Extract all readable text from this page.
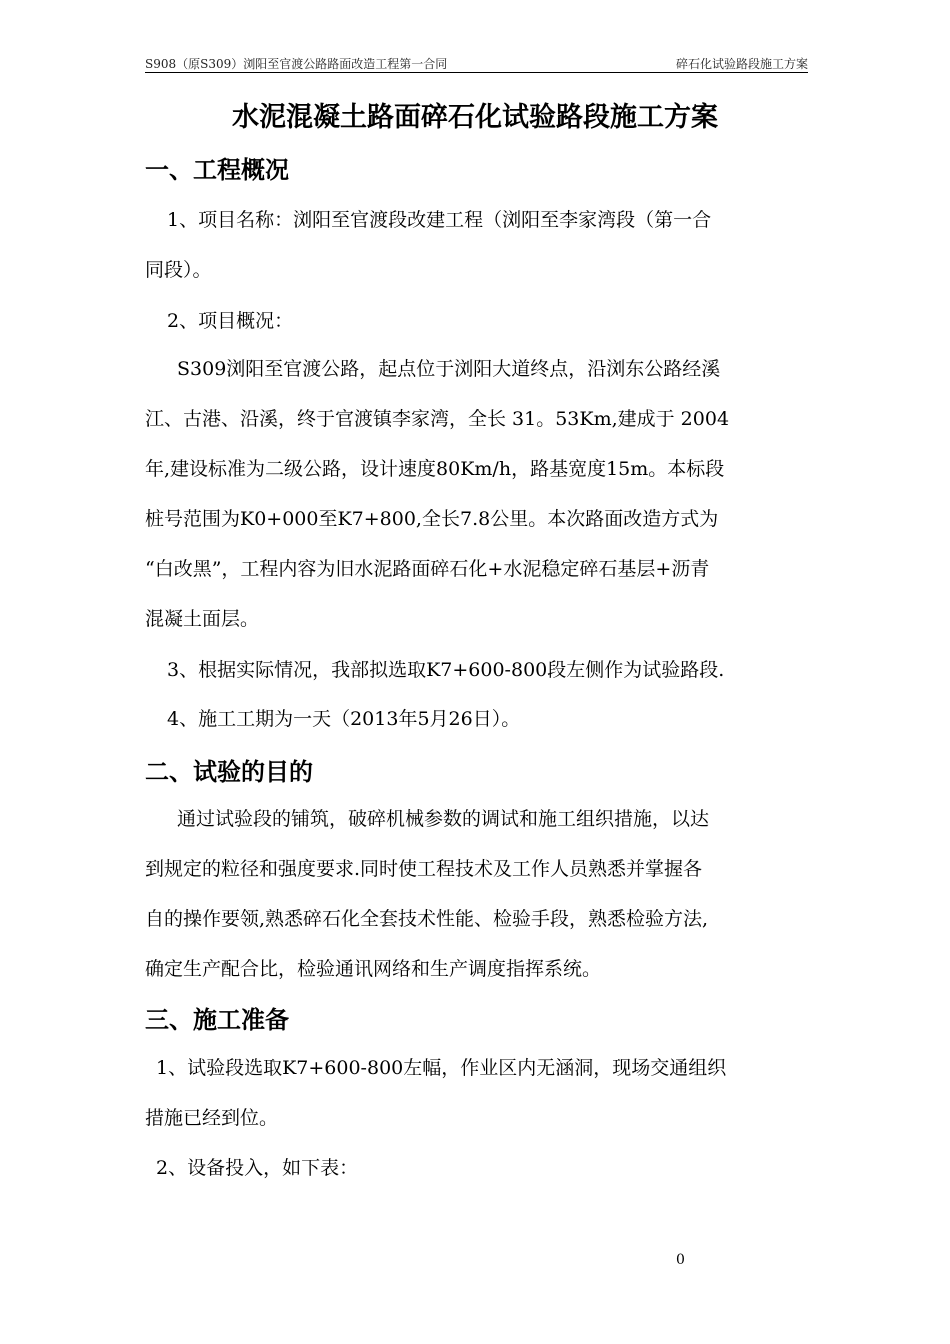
S908（原S309）浏阳至官渡公路路面改造工程第一合同	碎石化试验路段施工方案
水泥混凝土路面碎石化试验路段施工方案
一、工程概况
1、项目名称：浏阳至官渡段改建工程（浏阳至李家湾段（第一合
同段）。
2、项目概况：
S309浏阳至官渡公路，起点位于浏阳大道终点，沿浏东公路经溪
江、古港、沿溪，终于官渡镇李家湾，全长 31。53Km,建成于 2004
年,建设标准为二级公路，设计速度80Km/h，路基宽度15m。本标段
桩号范围为K0+000至K7+800,全长7.8公里。本次路面改造方式为
“白改黑”，工程内容为旧水泥路面碎石化+水泥稳定碎石基层+沥青
混凝土面层。
3、根据实际情况，我部拟选取K7+600-800段左侧作为试验路段.
4、施工工期为一天（2013年5月26日）。
二、试验的目的
通过试验段的铺筑，破碎机械参数的调试和施工组织措施，以达
到规定的粒径和强度要求.同时使工程技术及工作人员熟悉并掌握各
自的操作要领,熟悉碎石化全套技术性能、检验手段，熟悉检验方法,
确定生产配合比，检验通讯网络和生产调度指挥系统。
三、施工准备
1、试验段选取K7+600-800左幅，作业区内无涵洞，现场交通组织
措施已经到位。
2、设备投入，如下表：
0
